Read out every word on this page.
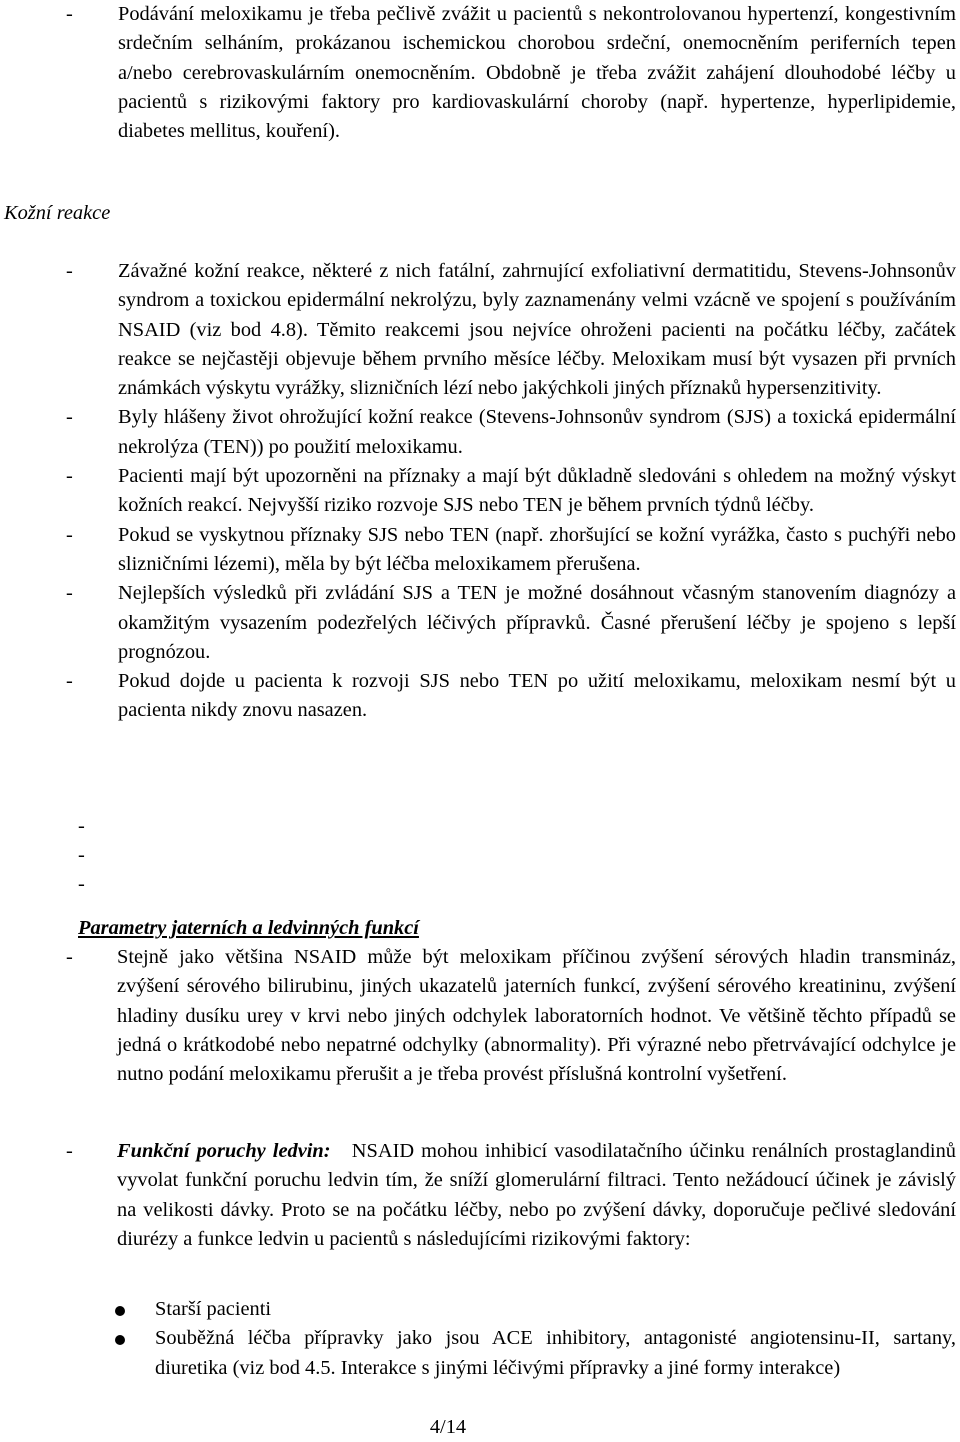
- Podávání meloxikamu je třeba pečlivě zvážit u pacientů s nekontrolovanou hypertenzí, kongestivním srdečním selháním, prokázanou ischemickou chorobou srdeční, onemocněním periferních tepen a/nebo cerebrovaskulárním onemocněním. Obdobně je třeba zvážit zahájení dlouhodobé léčby u pacientů s rizikovými faktory pro kardiovaskulární choroby (např. hypertenze, hyperlipidemie, diabetes mellitus, kouření).
Kožní reakce
- Závažné kožní reakce, některé z nich fatální, zahrnující exfoliativní dermatitidu, Stevens-Johnsonův syndrom a toxickou epidermální nekrolýzu, byly zaznamenány velmi vzácně ve spojení s používáním NSAID (viz bod 4.8). Těmito reakcemi jsou nejvíce ohroženi pacienti na počátku léčby, začátek reakce se nejčastěji objevuje během prvního měsíce léčby. Meloxikam musí být vysazen při prvních známkách výskytu vyrážky, slizničních lézí nebo jakýchkoli jiných příznaků hypersenzitivity.
- Byly hlášeny život ohrožující kožní reakce (Stevens-Johnsonův syndrom (SJS) a toxická epidermální nekrolýza (TEN)) po použití meloxikamu.
- Pacienti mají být upozorněni na příznaky a mají být důkladně sledováni s ohledem na možný výskyt kožních reakcí. Nejvyšší riziko rozvoje SJS nebo TEN je během prvních týdnů léčby.
- Pokud se vyskytnou příznaky SJS nebo TEN (např. zhoršující se kožní vyrážka, často s puchýři nebo slizničními lézemi), měla by být léčba meloxikamem přerušena.
- Nejlepších výsledků při zvládání SJS a TEN je možné dosáhnout včasným stanovením diagnózy a okamžitým vysazením podezřelých léčivých přípravků. Časné přerušení léčby je spojeno s lepší prognózou.
- Pokud dojde u pacienta k rozvoji SJS nebo TEN po užití meloxikamu, meloxikam nesmí být u pacienta nikdy znovu nasazen.
-
-
-
Parametry jaterních a ledvinných funkcí
- Stejně jako většina NSAID může být meloxikam příčinou zvýšení sérových hladin transmináz, zvýšení sérového bilirubinu, jiných ukazatelů jaterních funkcí, zvýšení sérového kreatininu, zvýšení hladiny dusíku urey v krvi nebo jiných odchylek laboratorních hodnot. Ve většině těchto případů se jedná o krátkodobé nebo nepatrné odchylky (abnormality). Při výrazné nebo přetrvávající odchylce je nutno podání meloxikamu přerušit a je třeba provést příslušná kontrolní vyšetření.
- Funkční poruchy ledvin: NSAID mohou inhibicí vasodilatačního účinku renálních prostaglandinů vyvolat funkční poruchu ledvin tím, že sníží glomerulární filtraci. Tento nežádoucí účinek je závislý na velikosti dávky. Proto se na počátku léčby, nebo po zvýšení dávky, doporučuje pečlivé sledování diurézy a funkce ledvin u pacientů s následujícími rizikovými faktory:
Starší pacienti
Souběžná léčba přípravky jako jsou ACE inhibitory, antagonisté angiotensinu-II, sartany, diuretika (viz bod 4.5. Interakce s jinými léčivými přípravky a jiné formy interakce)
4/14
